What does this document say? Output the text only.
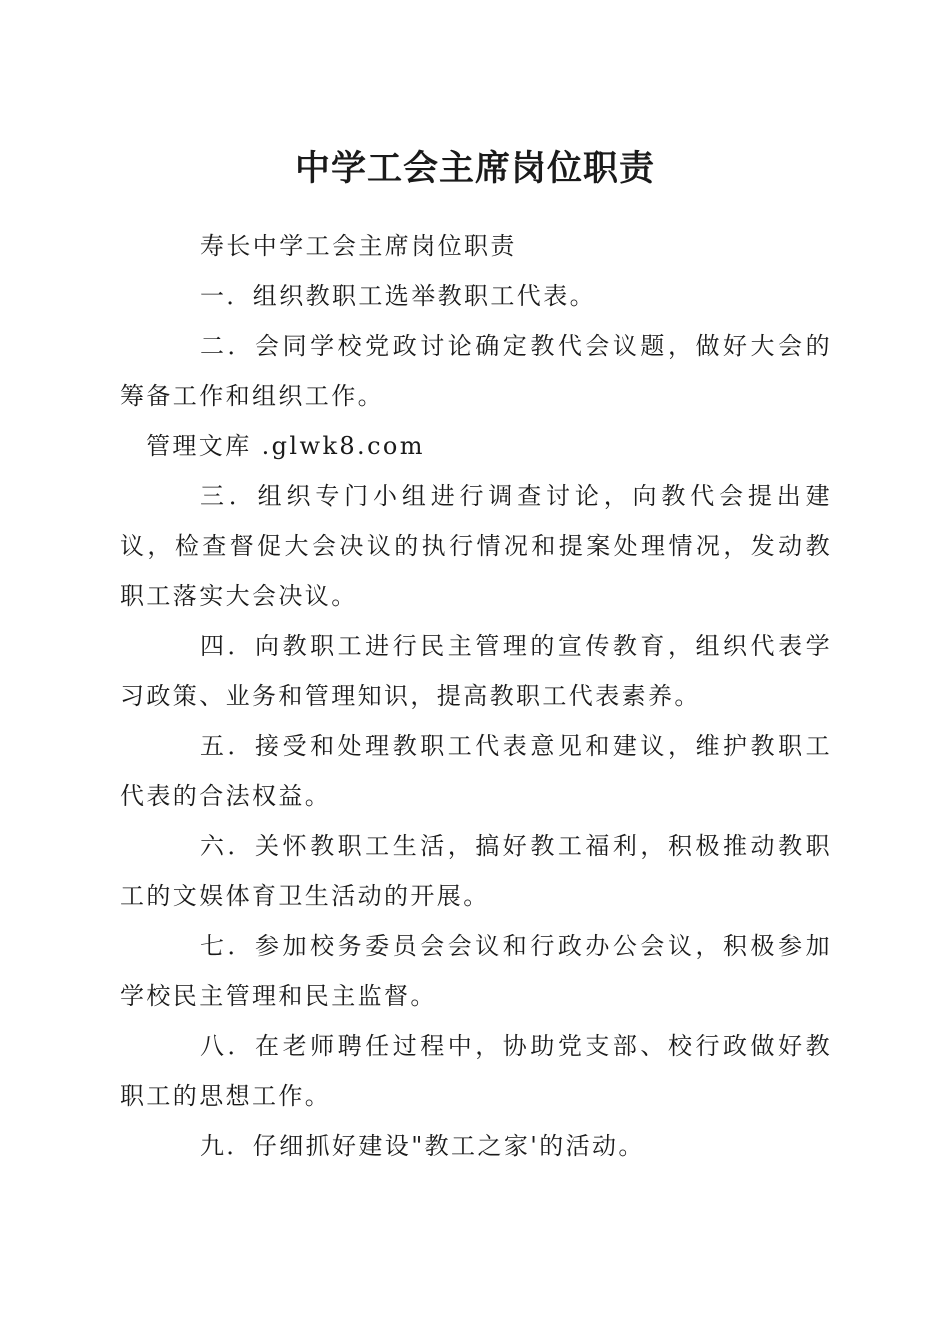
中学工会主席岗位职责

寿长中学工会主席岗位职责

一．组织教职工选举教职工代表。

二．会同学校党政讨论确定教代会议题，做好大会的筹备工作和组织工作。

管理文库 .glwk8.com

三．组织专门小组进行调查讨论，向教代会提出建议，检查督促大会决议的执行情况和提案处理情况，发动教职工落实大会决议。

四．向教职工进行民主管理的宣传教育，组织代表学习政策、业务和管理知识，提高教职工代表素养。

五．接受和处理教职工代表意见和建议，维护教职工代表的合法权益。

六．关怀教职工生活，搞好教工福利，积极推动教职工的文娱体育卫生活动的开展。

七．参加校务委员会会议和行政办公会议，积极参加学校民主管理和民主监督。

八．在老师聘任过程中，协助党支部、校行政做好教职工的思想工作。

九．仔细抓好建设"教工之家'的活动。
